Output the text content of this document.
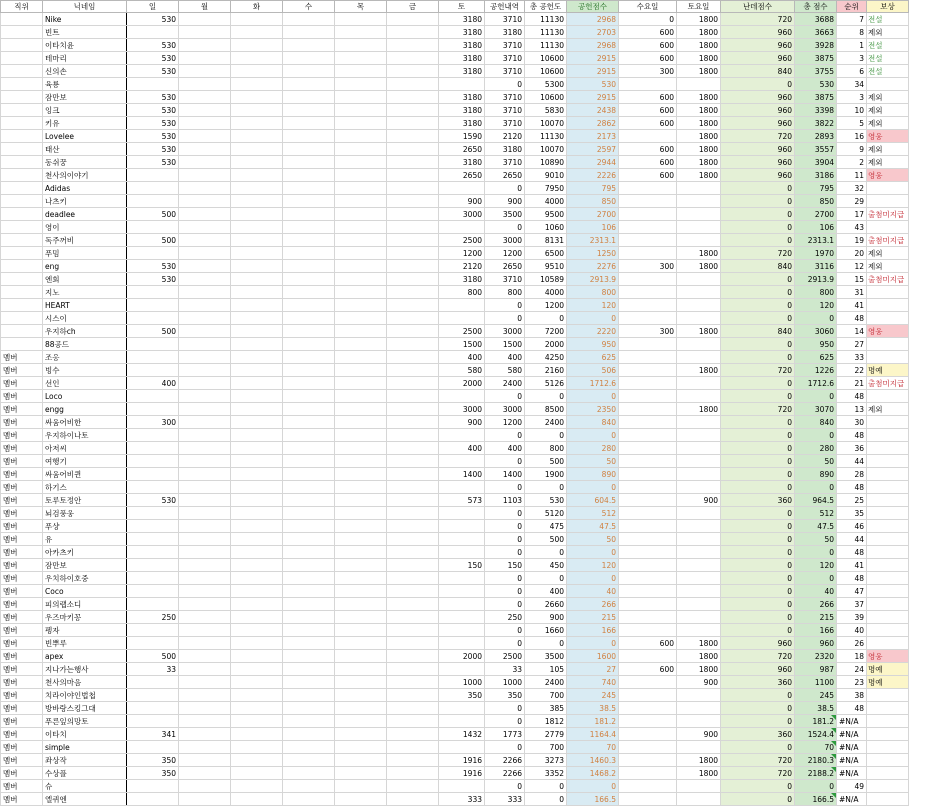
직위	닉네임	일	월	화	수	목	금	토	공헌내역	총 공헌도	공헌점수	수요일	토요일	난데점수	총 점수	순위	보상
길드장	Nike	530						3180	3710	11130	2968	0	1800	720	3688	7	전설
크뤼	빈트							3180	3180	11130	2703	600	1800	960	3663	8	제외
크뤼	이타치윤	530						3180	3710	11130	2968	600	1800	960	3928	1	전설
암부	테마리	530						3180	3710	10600	2915	600	1800	960	3875	3	전설
암부	신의손	530						3180	3710	10600	2915	300	1800	840	3755	6	전설
엘리트	육룡								0	5300	530			0	530	34	
암부	잠만보	530						3180	3710	10600	2915	600	1800	960	3875	3	제외
암부	잉크	530						3180	3710	5830	2438	600	1800	960	3398	10	제외
엘리트	키유	530						3180	3710	10070	2862	600	1800	960	3822	5	제외
암부	Lovelee	530						1590	2120	11130	2173		1800	720	2893	16	영웅
암부	태산	530						2650	3180	10070	2597	600	1800	960	3557	9	제외
엘리트	동쉬꿍	530						3180	3710	10890	2944	600	1800	960	3904	2	제외
암부	천사의이야기							2650	2650	9010	2226	600	1800	960	3186	11	영웅
엘리트	Adidas								0	7950	795			0	795	32	
엘리트	나츠키							900	900	4000	850			0	850	29	
엘리트	deadlee	500						3000	3500	9500	2700			0	2700	17	출첨미지급
엘리트	영이								0	1060	106			0	106	43	
엘리트	독주꺼비	500						2500	3000	8131	2313.1			0	2313.1	19	출첨미지급
엘리트	푸밈							1200	1200	6500	1250		1800	720	1970	20	제외
엘리트	eng	530						2120	2650	9510	2276	300	1800	840	3116	12	제외
엘리트	엔회	530						3180	3710	10589	2913.9			0	2913.9	15	출첨미지급
엘리트	지노							800	800	4000	800			0	800	31	
엘리트	HEART								0	1200	120			0	120	41	
엘리트	시스이								0	0	0			0	0	48	
엘리트	우지하ch	500						2500	3000	7200	2220	300	1800	840	3060	14	영웅
엘리트	88공드							1500	1500	2000	950			0	950	27	
멤버	조옹							400	400	4250	625			0	625	33	
멤버	빙수							580	580	2160	506		1800	720	1226	22	명예
멤버	선인	400						2000	2400	5126	1712.6			0	1712.6	21	출첨미지급
멤버	Loco								0	0	0			0	0	48	
멤버	engg							3000	3000	8500	2350		1800	720	3070	13	제외
멤버	싸움어비한	300						900	1200	2400	840			0	840	30	
멤버	우지하이나토								0	0	0			0	0	48	
멤버	아저씨							400	400	800	280			0	280	36	
멤버	여행기								0	500	50			0	50	44	
멤버	싸움어비퀸							1400	1400	1900	890			0	890	28	
멤버	하기스								0	0	0			0	0	48	
멤버	토루토정안	530						573	1103	530	604.5		900	360	964.5	25	
멤버	뇌검풍웅								0	5120	512			0	512	35	
멤버	푸샹								0	475	47.5			0	47.5	46	
멤버	유								0	500	50			0	50	44	
멤버	아카츠키								0	0	0			0	0	48	
멤버	잠만보							150	150	450	120			0	120	41	
멤버	우치하이호중								0	0	0			0	0	48	
멤버	Coco								0	400	40			0	40	47	
멤버	피의랩소디								0	2660	266			0	266	37	
멤버	우즈마키꽁	250							250	900	215			0	215	39	
멤버	펭자								0	1660	166			0	166	40	
멤버	빈뿌루								0	0	0	600	1800	960	960	26	
멤버	apex	500						2000	2500	3500	1600		1800	720	2320	18	영웅
멤버	지나가는행사	33							33	105	27	600	1800	960	987	24	명예
멤버	천사의마음							1000	1000	2400	740		900	360	1100	23	명예
멤버	치라이야인법첩							350	350	700	245			0	245	38	
멤버	방바랑스킹그대								0	385	38.5			0	38.5	48	
멤버	푸른잎의망토								0	1812	181.2			0	181.2	#N/A	
멤버	이타치	341						1432	1773	2779	1164.4		900	360	1524.4	#N/A	
멤버	simple								0	700	70			0	70	#N/A	
멤버	좌상작	350						1916	2266	3273	1460.3		1800	720	2180.3	#N/A	
멤버	수상플	350						1916	2266	3352	1468.2		1800	720	2188.2	#N/A	
멤버	슈								0	0	0			0	0	49	
멤버	엘퀴엔							333	333	0	166.5			0	166.5	#N/A	
